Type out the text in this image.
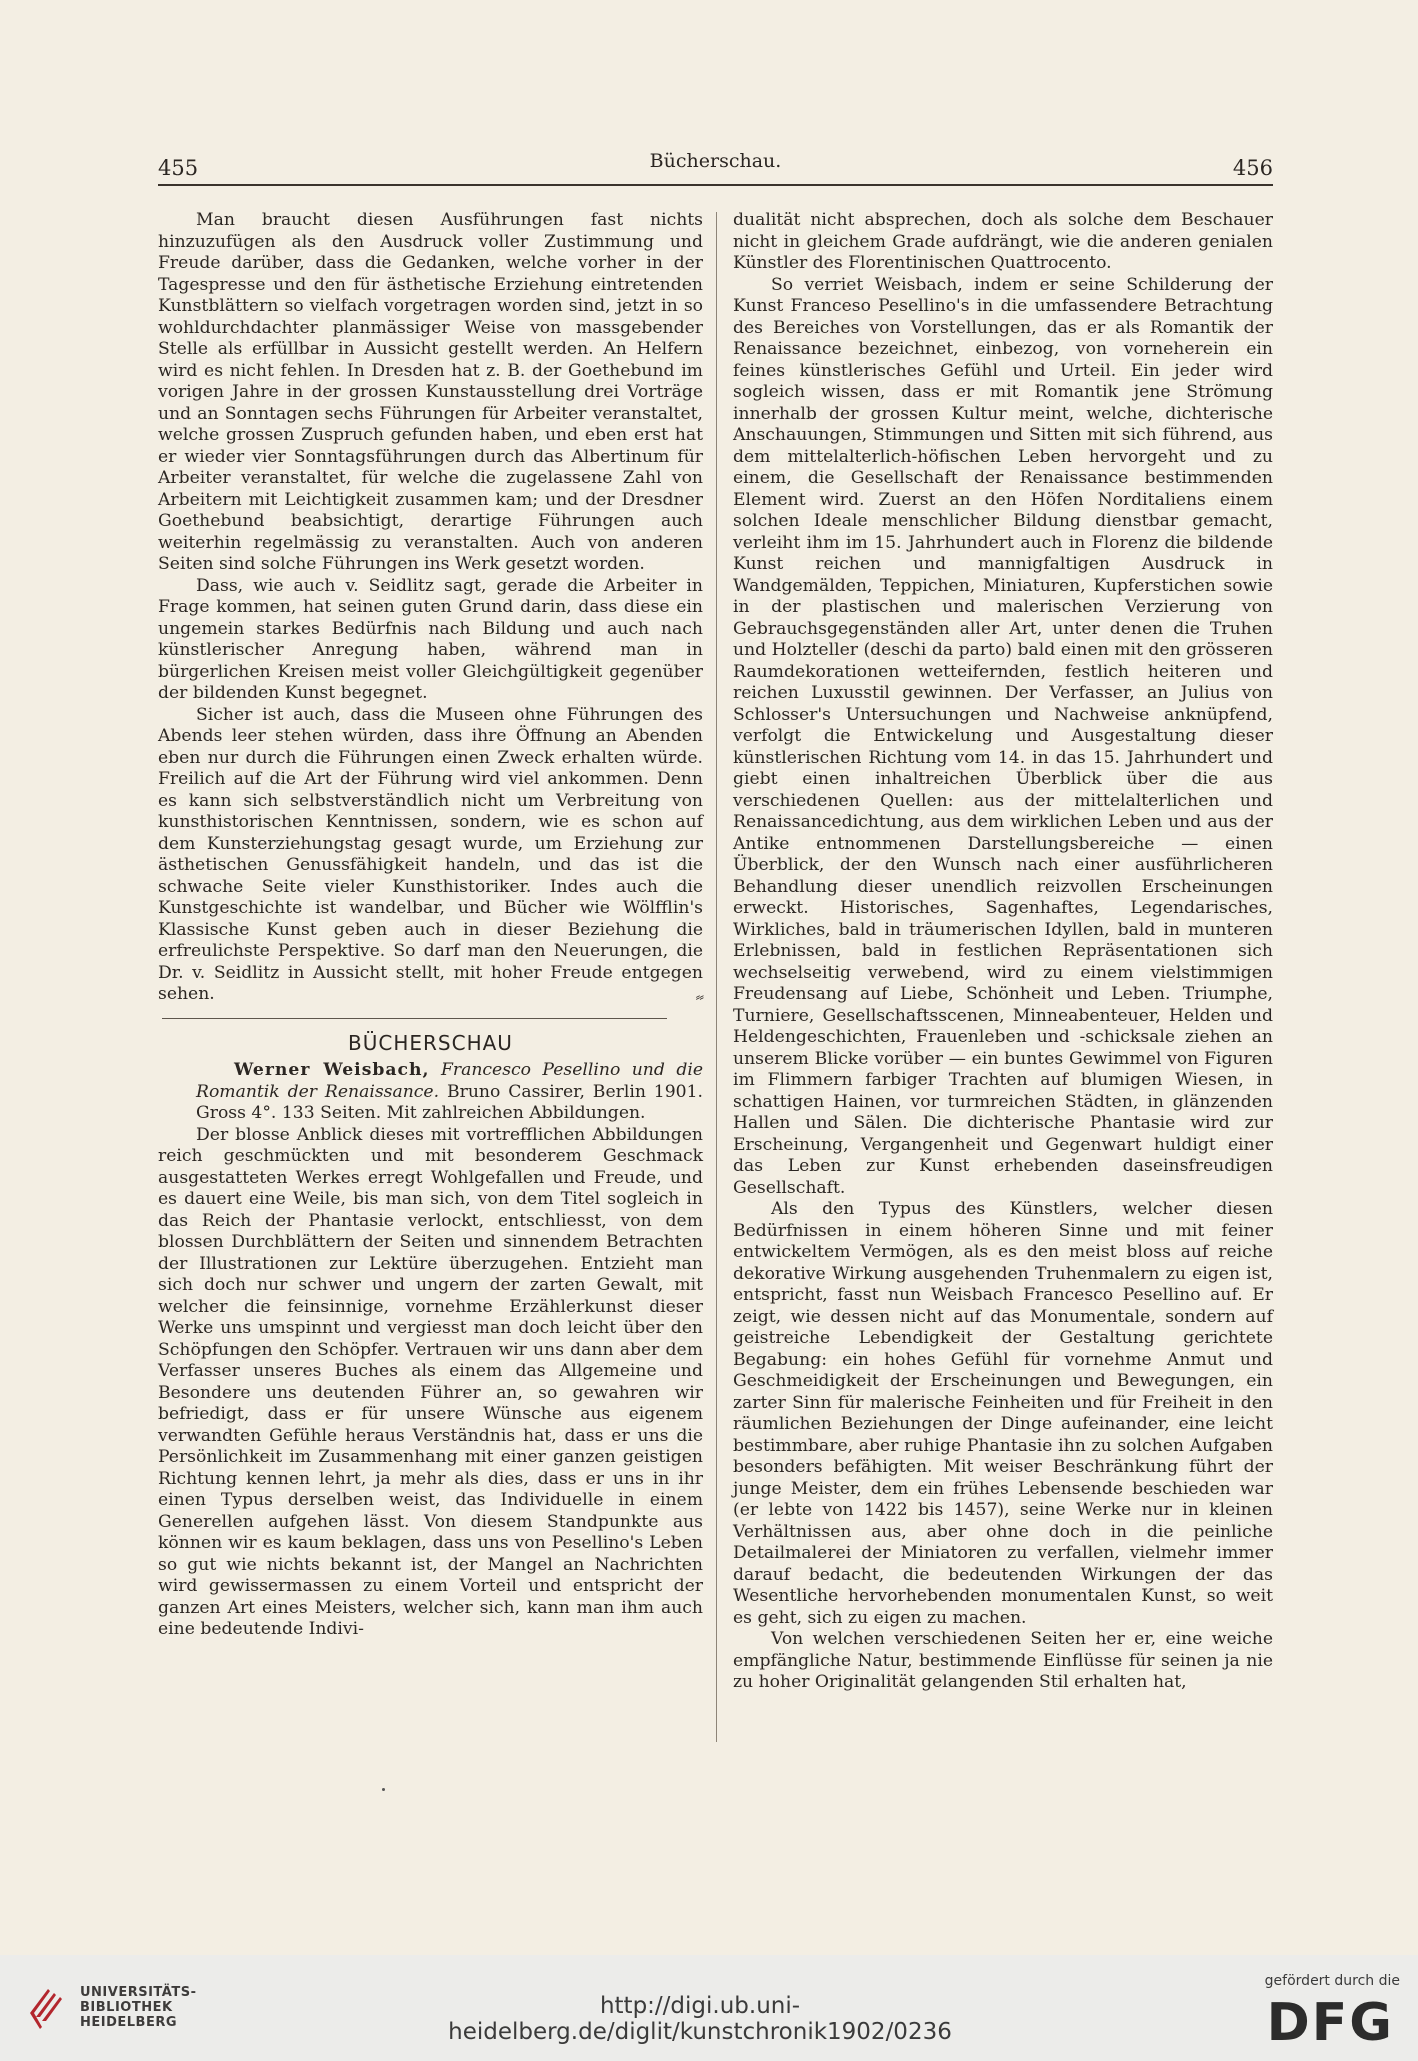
455	Bücherschau.	456

Man braucht diesen Ausführungen fast nichts hinzuzufügen als den Ausdruck voller Zustimmung und Freude darüber, dass die Gedanken, welche vorher in der Tagespresse und den für ästhetische Erziehung eintretenden Kunstblättern so vielfach vorgetragen worden sind, jetzt in so wohldurchdachter planmässiger Weise von massgebender Stelle als erfüllbar in Aussicht gestellt werden. An Helfern wird es nicht fehlen. In Dresden hat z. B. der Goethebund im vorigen Jahre in der grossen Kunstausstellung drei Vorträge und an Sonntagen sechs Führungen für Arbeiter veranstaltet, welche grossen Zuspruch gefunden haben, und eben erst hat er wieder vier Sonntagsführungen durch das Albertinum für Arbeiter veranstaltet, für welche die zugelassene Zahl von Arbeitern mit Leichtigkeit zusammen kam; und der Dresdner Goethebund beabsichtigt, derartige Führungen auch weiterhin regelmässig zu veranstalten. Auch von anderen Seiten sind solche Führungen ins Werk gesetzt worden.

Dass, wie auch v. Seidlitz sagt, gerade die Arbeiter in Frage kommen, hat seinen guten Grund darin, dass diese ein ungemein starkes Bedürfnis nach Bildung und auch nach künstlerischer Anregung haben, während man in bürgerlichen Kreisen meist voller Gleichgültigkeit gegenüber der bildenden Kunst begegnet.

Sicher ist auch, dass die Museen ohne Führungen des Abends leer stehen würden, dass ihre Öffnung an Abenden eben nur durch die Führungen einen Zweck erhalten würde. Freilich auf die Art der Führung wird viel ankommen. Denn es kann sich selbstverständlich nicht um Verbreitung von kunsthistorischen Kenntnissen, sondern, wie es schon auf dem Kunsterziehungstag gesagt wurde, um Erziehung zur ästhetischen Genussfähigkeit handeln, und das ist die schwache Seite vieler Kunsthistoriker. Indes auch die Kunstgeschichte ist wandelbar, und Bücher wie Wölfflin's Klassische Kunst geben auch in dieser Beziehung die erfreulichste Perspektive. So darf man den Neuerungen, die Dr. v. Seidlitz in Aussicht stellt, mit hoher Freude entgegen sehen.	⸗⸗

BÜCHERSCHAU

Werner Weisbach, Francesco Pesellino und die Romantik der Renaissance. Bruno Cassirer, Berlin 1901. Gross 4°. 133 Seiten. Mit zahlreichen Abbildungen.

Der blosse Anblick dieses mit vortrefflichen Abbildungen reich geschmückten und mit besonderem Geschmack ausgestatteten Werkes erregt Wohlgefallen und Freude, und es dauert eine Weile, bis man sich, von dem Titel sogleich in das Reich der Phantasie verlockt, entschliesst, von dem blossen Durchblättern der Seiten und sinnendem Betrachten der Illustrationen zur Lektüre überzugehen. Entzieht man sich doch nur schwer und ungern der zarten Gewalt, mit welcher die feinsinnige, vornehme Erzählerkunst dieser Werke uns umspinnt und vergiesst man doch leicht über den Schöpfungen den Schöpfer. Vertrauen wir uns dann aber dem Verfasser unseres Buches als einem das Allgemeine und Besondere uns deutenden Führer an, so gewahren wir befriedigt, dass er für unsere Wünsche aus eigenem verwandten Gefühle heraus Verständnis hat, dass er uns die Persönlichkeit im Zusammenhang mit einer ganzen geistigen Richtung kennen lehrt, ja mehr als dies, dass er uns in ihr einen Typus derselben weist, das Individuelle in einem Generellen aufgehen lässt. Von diesem Standpunkte aus können wir es kaum beklagen, dass uns von Pesellino's Leben so gut wie nichts bekannt ist, der Mangel an Nachrichten wird gewissermassen zu einem Vorteil und entspricht der ganzen Art eines Meisters, welcher sich, kann man ihm auch eine bedeutende Indivi-

dualität nicht absprechen, doch als solche dem Beschauer nicht in gleichem Grade aufdrängt, wie die anderen genialen Künstler des Florentinischen Quattrocento.

So verriet Weisbach, indem er seine Schilderung der Kunst Franceso Pesellino's in die umfassendere Betrachtung des Bereiches von Vorstellungen, das er als Romantik der Renaissance bezeichnet, einbezog, von vorneherein ein feines künstlerisches Gefühl und Urteil. Ein jeder wird sogleich wissen, dass er mit Romantik jene Strömung innerhalb der grossen Kultur meint, welche, dichterische Anschauungen, Stimmungen und Sitten mit sich führend, aus dem mittelalterlich-höfischen Leben hervorgeht und zu einem, die Gesellschaft der Renaissance bestimmenden Element wird. Zuerst an den Höfen Norditaliens einem solchen Ideale menschlicher Bildung dienstbar gemacht, verleiht ihm im 15. Jahrhundert auch in Florenz die bildende Kunst reichen und mannigfaltigen Ausdruck in Wandgemälden, Teppichen, Miniaturen, Kupferstichen sowie in der plastischen und malerischen Verzierung von Gebrauchsgegenständen aller Art, unter denen die Truhen und Holzteller (deschi da parto) bald einen mit den grösseren Raumdekorationen wetteifernden, festlich heiteren und reichen Luxusstil gewinnen. Der Verfasser, an Julius von Schlosser's Untersuchungen und Nachweise anknüpfend, verfolgt die Entwickelung und Ausgestaltung dieser künstlerischen Richtung vom 14. in das 15. Jahrhundert und giebt einen inhaltreichen Überblick über die aus verschiedenen Quellen: aus der mittelalterlichen und Renaissancedichtung, aus dem wirklichen Leben und aus der Antike entnommenen Darstellungsbereiche — einen Überblick, der den Wunsch nach einer ausführlicheren Behandlung dieser unendlich reizvollen Erscheinungen erweckt. Historisches, Sagenhaftes, Legendarisches, Wirkliches, bald in träumerischen Idyllen, bald in munteren Erlebnissen, bald in festlichen Repräsentationen sich wechselseitig verwebend, wird zu einem vielstimmigen Freudensang auf Liebe, Schönheit und Leben. Triumphe, Turniere, Gesellschaftsscenen, Minneabenteuer, Helden und Heldengeschichten, Frauenleben und -schicksale ziehen an unserem Blicke vorüber — ein buntes Gewimmel von Figuren im Flimmern farbiger Trachten auf blumigen Wiesen, in schattigen Hainen, vor turmreichen Städten, in glänzenden Hallen und Sälen. Die dichterische Phantasie wird zur Erscheinung, Vergangenheit und Gegenwart huldigt einer das Leben zur Kunst erhebenden daseinsfreudigen Gesellschaft.

Als den Typus des Künstlers, welcher diesen Bedürfnissen in einem höheren Sinne und mit feiner entwickeltem Vermögen, als es den meist bloss auf reiche dekorative Wirkung ausgehenden Truhenmalern zu eigen ist, entspricht, fasst nun Weisbach Francesco Pesellino auf. Er zeigt, wie dessen nicht auf das Monumentale, sondern auf geistreiche Lebendigkeit der Gestaltung gerichtete Begabung: ein hohes Gefühl für vornehme Anmut und Geschmeidigkeit der Erscheinungen und Bewegungen, ein zarter Sinn für malerische Feinheiten und für Freiheit in den räumlichen Beziehungen der Dinge aufeinander, eine leicht bestimmbare, aber ruhige Phantasie ihn zu solchen Aufgaben besonders befähigten. Mit weiser Beschränkung führt der junge Meister, dem ein frühes Lebensende beschieden war (er lebte von 1422 bis 1457), seine Werke nur in kleinen Verhältnissen aus, aber ohne doch in die peinliche Detailmalerei der Miniatoren zu verfallen, vielmehr immer darauf bedacht, die bedeutenden Wirkungen der das Wesentliche hervorhebenden monumentalen Kunst, so weit es geht, sich zu eigen zu machen.

Von welchen verschiedenen Seiten her er, eine weiche empfängliche Natur, bestimmende Einflüsse für seinen ja nie zu hoher Originalität gelangenden Stil erhalten hat,

UNIVERSITÄTS-
BIBLIOTHEK
HEIDELBERG
http://digi.ub.uni-heidelberg.de/diglit/kunstchronik1902/0236
gefördert durch die
DFG
